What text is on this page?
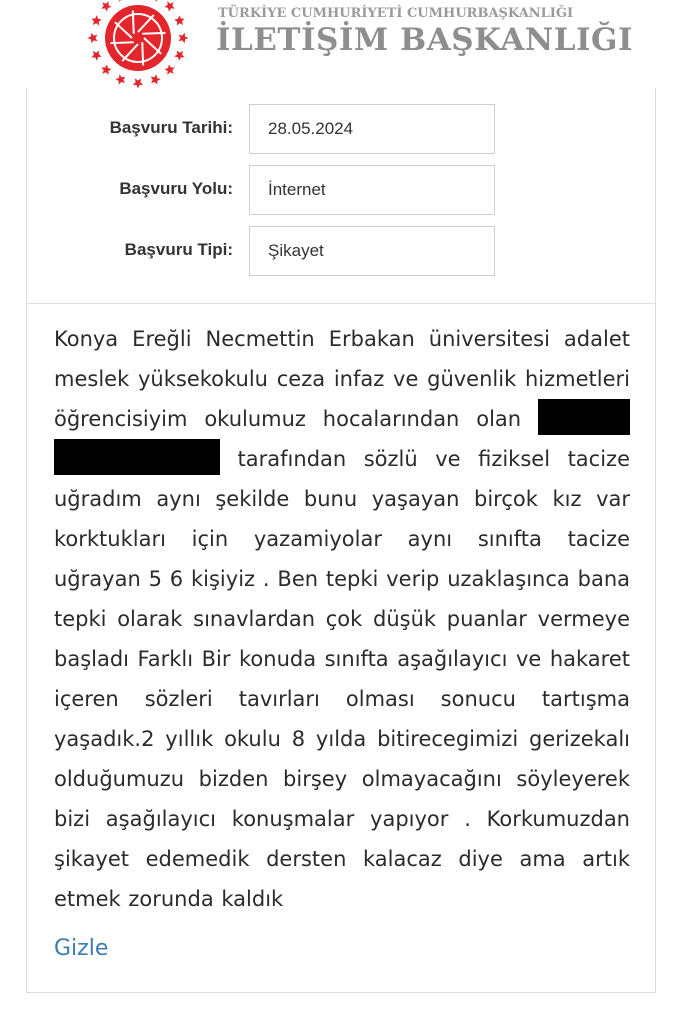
TÜRKİYE CUMHURİYETİ CUMHURBAŞKANLIĞI
İLETİŞİM BAŞKANLIĞI
Başvuru Tarihi:	28.05.2024
Başvuru Yolu:	İnternet
Başvuru Tipi:	Şikayet

Konya Ereğli Necmettin Erbakan üniversitesi adalet meslek yüksekokulu ceza infaz ve güvenlik hizmetleri öğrencisiyim okulumuz hocalarından olan   tarafından sözlü ve fiziksel tacize uğradım aynı şekilde bunu yaşayan birçok kız var korktukları için yazamiyolar aynı sınıfta tacize uğrayan 5 6 kişiyiz . Ben tepki verip uzaklaşınca bana tepki olarak sınavlardan çok düşük puanlar vermeye başladı Farklı Bir konuda sınıfta aşağılayıcı ve hakaret içeren sözleri tavırları olması sonucu tartışma yaşadık.2 yıllık okulu 8 yılda bitirecegimizi gerizekalı olduğumuzu bizden birşey olmayacağını söyleyerek bizi aşağılayıcı konuşmalar yapıyor . Korkumuzdan şikayet edemedik dersten kalacaz diye ama artık etmek zorunda kaldık

Gizle
